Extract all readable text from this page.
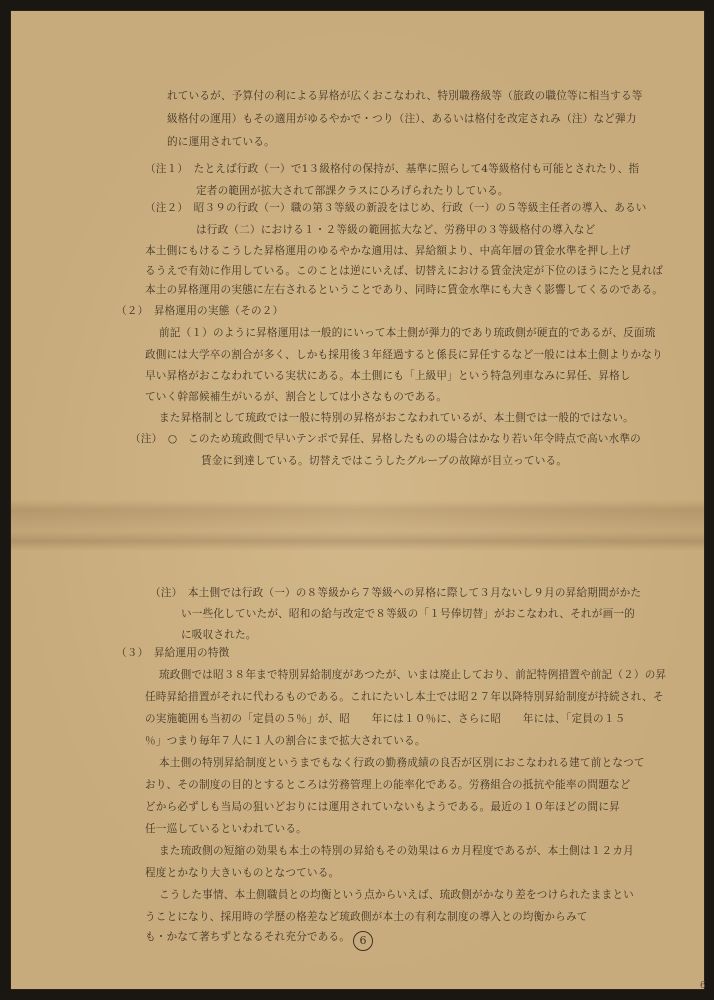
れているが、予算付の利による昇格が広くおこなわれ、特別職務級等（旅政の職位等に相当する等
級格付の運用）もその適用がゆるやかで・つり（注）、あるいは格付を改定されみ（注）など弾力
的に運用されている。
（注１）　たとえば行政（一）で1３級格付の保持が、基準に照らして4等級格付も可能とされたり、指
定者の範囲が拡大されて部課クラスにひろげられたりしている。
（注２）　昭３９の行政（一）職の第３等級の新設をはじめ、行政（一）の５等級主任者の導入、あるい
は行政（二）における１・２等級の範囲拡大など、労務甲の３等級格付の導入など
本土側にもけるこうした昇格運用のゆるやかな適用は、昇給額より、中高年層の賃金水準を押し上げ
るうえで有効に作用している。このことは逆にいえば、切替えにおける賃金決定が下位のほうにたと見れば
本土の昇格運用の実態に左右されるということであり、同時に賃金水準にも大きく影響してくるのである。
（２）　昇格運用の実態（その２）
前記（１）のように昇格運用は一般的にいって本土側が弾力的であり琉政側が硬直的であるが、反面琉
政側には大学卒の割合が多く、しかも採用後３年経過すると係長に昇任するなど一般には本土側よりかなり
早い昇格がおこなわれている実状にある。本土側にも「上級甲」という特急列車なみに昇任、昇格し
ていく幹部候補生がいるが、割合としては小さなものである。
また昇格制として琉政では一般に特別の昇格がおこなわれているが、本土側では一般的ではない。
（注）　○　このため琉政側で早いテンポで昇任、昇格したものの場合はかなり若い年令時点で高い水準の
賃金に到達している。切替えではこうしたグループの故障が目立っている。
（注）　本土側では行政（一）の８等級から７等級への昇格に際して３月ないし９月の昇給期間がかた
い一些化していたが、昭和の給与改定で８等級の「１号俸切替」がおこなわれ、それが画一的
に吸収された。
（３）　昇給運用の特徴
琉政側では昭３８年まで特別昇給制度があつたが、いまは廃止しており、前記特例措置や前記（２）の昇
任時昇給措置がそれに代わるものである。これにたいし本土では昭２７年以降特別昇給制度が持続され、そ
の実施範囲も当初の「定員の５％」が、昭　　年には１０％に、さらに昭　　年には、「定員の１５
％」つまり毎年７人に１人の割合にまで拡大されている。
本土側の特別昇給制度というまでもなく行政の勤務成績の良否が区別におこなわれる建て前となつて
おり、その制度の目的とするところは労務管理上の能率化である。労務組合の抵抗や能率の問題など
どから必ずしも当局の狙いどおりには運用されていないもようである。最近の１０年ほどの間に昇
任一巡しているといわれている。
また琉政側の短縮の効果も本土の特別の昇給もその効果は６カ月程度であるが、本土側は１２カ月
程度とかなり大きいものとなつている。
こうした事情、本土側職員との均衡という点からいえば、琉政側がかなり差をつけられたままとい
うことになり、採用時の学歴の格差など琉政側が本土の有利な制度の導入との均衡からみて
も・かなて著ちずとなるそれ充分である。 6
6
